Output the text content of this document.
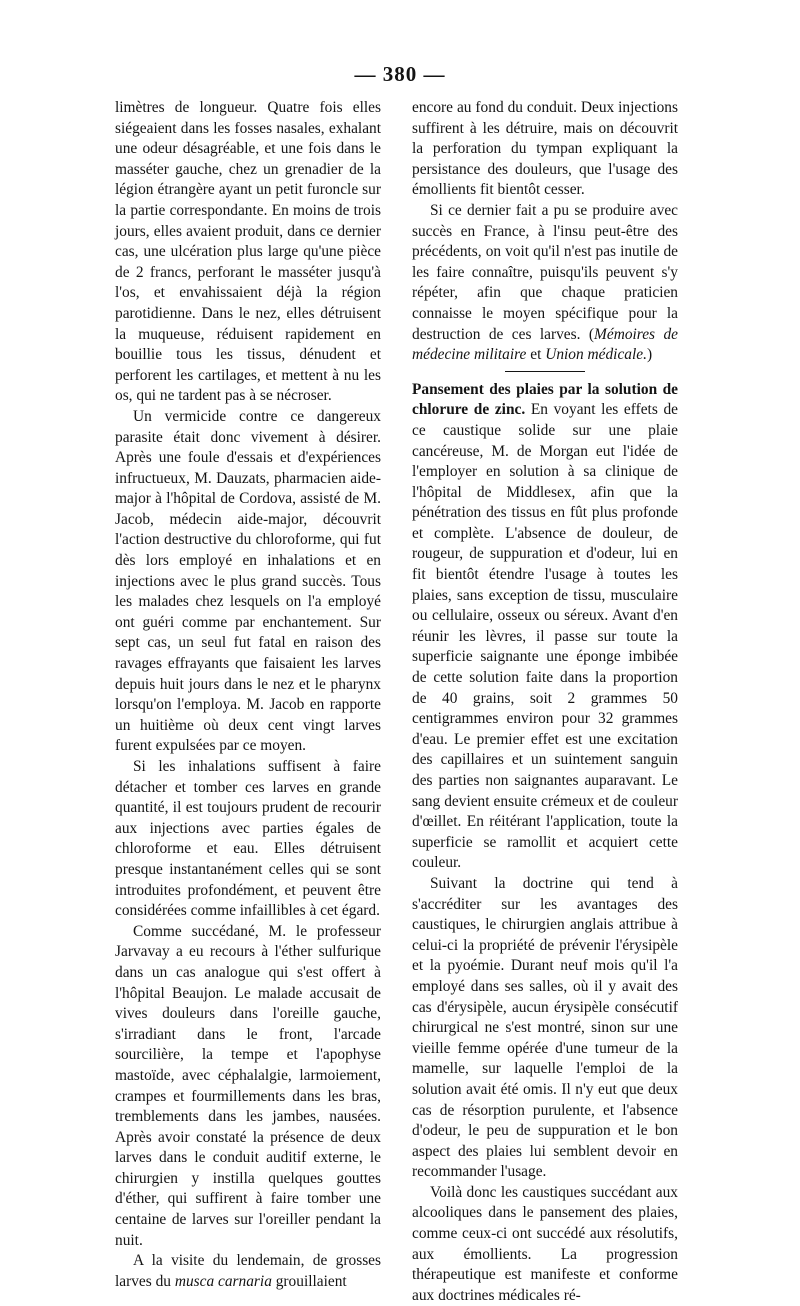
— 380 —

limètres de longueur. Quatre fois elles siégeaient dans les fosses nasales, exhalant une odeur désagréable, et une fois dans le masséter gauche, chez un grenadier de la légion étrangère ayant un petit furoncle sur la partie correspondante. En moins de trois jours, elles avaient produit, dans ce dernier cas, une ulcération plus large qu'une pièce de 2 francs, perforant le masséter jusqu'à l'os, et envahissaient déjà la région parotidienne. Dans le nez, elles détruisent la muqueuse, réduisent rapidement en bouillie tous les tissus, dénudent et perforent les cartilages, et mettent à nu les os, qui ne tardent pas à se nécroser.

Un vermicide contre ce dangereux parasite était donc vivement à désirer. Après une foule d'essais et d'expériences infructueux, M. Dauzats, pharmacien aide-major à l'hôpital de Cordova, assisté de M. Jacob, médecin aide-major, découvrit l'action destructive du chloroforme, qui fut dès lors employé en inhalations et en injections avec le plus grand succès. Tous les malades chez lesquels on l'a employé ont guéri comme par enchantement. Sur sept cas, un seul fut fatal en raison des ravages effrayants que faisaient les larves depuis huit jours dans le nez et le pharynx lorsqu'on l'employa. M. Jacob en rapporte un huitième où deux cent vingt larves furent expulsées par ce moyen.

Si les inhalations suffisent à faire détacher et tomber ces larves en grande quantité, il est toujours prudent de recourir aux injections avec parties égales de chloroforme et eau. Elles détruisent presque instantanément celles qui se sont introduites profondément, et peuvent être considérées comme infaillibles à cet égard.

Comme succédané, M. le professeur Jarvavay a eu recours à l'éther sulfurique dans un cas analogue qui s'est offert à l'hôpital Beaujon. Le malade accusait de vives douleurs dans l'oreille gauche, s'irradiant dans le front, l'arcade sourcilière, la tempe et l'apophyse mastoïde, avec céphalalgie, larmoiement, crampes et fourmillements dans les bras, tremblements dans les jambes, nausées. Après avoir constaté la présence de deux larves dans le conduit auditif externe, le chirurgien y instilla quelques gouttes d'éther, qui suffirent à faire tomber une centaine de larves sur l'oreiller pendant la nuit.

A la visite du lendemain, de grosses larves du musca carnaria grouillaient

encore au fond du conduit. Deux injections suffirent à les détruire, mais on découvrit la perforation du tympan expliquant la persistance des douleurs, que l'usage des émollients fit bientôt cesser.

Si ce dernier fait a pu se produire avec succès en France, à l'insu peut-être des précédents, on voit qu'il n'est pas inutile de les faire connaître, puisqu'ils peuvent s'y répéter, afin que chaque praticien connaisse le moyen spécifique pour la destruction de ces larves. (Mémoires de médecine militaire et Union médicale.)

Pansement des plaies par la solution de chlorure de zinc. En voyant les effets de ce caustique solide sur une plaie cancéreuse, M. de Morgan eut l'idée de l'employer en solution à sa clinique de l'hôpital de Middlesex, afin que la pénétration des tissus en fût plus profonde et complète. L'absence de douleur, de rougeur, de suppuration et d'odeur, lui en fit bientôt étendre l'usage à toutes les plaies, sans exception de tissu, musculaire ou cellulaire, osseux ou séreux. Avant d'en réunir les lèvres, il passe sur toute la superficie saignante une éponge imbibée de cette solution faite dans la proportion de 40 grains, soit 2 grammes 50 centigrammes environ pour 32 grammes d'eau. Le premier effet est une excitation des capillaires et un suintement sanguin des parties non saignantes auparavant. Le sang devient ensuite crémeux et de couleur d'œillet. En réitérant l'application, toute la superficie se ramollit et acquiert cette couleur.

Suivant la doctrine qui tend à s'accréditer sur les avantages des caustiques, le chirurgien anglais attribue à celui-ci la propriété de prévenir l'érysipèle et la pyoémie. Durant neuf mois qu'il l'a employé dans ses salles, où il y avait des cas d'érysipèle, aucun érysipèle consécutif chirurgical ne s'est montré, sinon sur une vieille femme opérée d'une tumeur de la mamelle, sur laquelle l'emploi de la solution avait été omis. Il n'y eut que deux cas de résorption purulente, et l'absence d'odeur, le peu de suppuration et le bon aspect des plaies lui semblent devoir en recommander l'usage.

Voilà donc les caustiques succédant aux alcooliques dans le pansement des plaies, comme ceux-ci ont succédé aux résolutifs, aux émollients. La progression thérapeutique est manifeste et conforme aux doctrines médicales ré-
